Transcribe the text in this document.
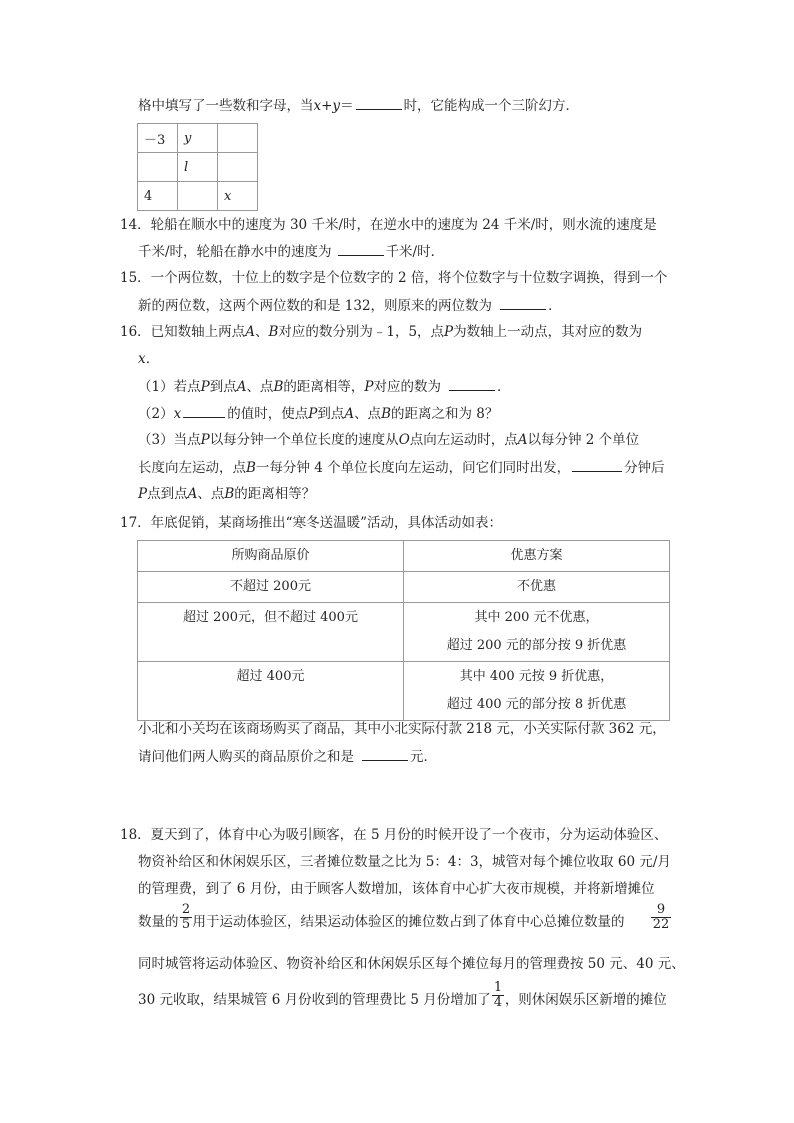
格中填写了一些数和字母，当x+y＝	时，它能构成一个三阶幻方．
－3	y	
	l	
4		x
14．轮船在顺水中的速度为 30 千米/时，在逆水中的速度为 24 千米/时，则水流的速度是
千米/时，轮船在静水中的速度为	千米/时．
15．一个两位数，十位上的数字是个位数字的 2 倍，将个位数字与十位数字调换，得到一个
新的两位数，这两个两位数的和是 132，则原来的两位数为	．
16．已知数轴上两点A、B对应的数分别为﹣1，5，点P为数轴上一动点，其对应的数为
x．
（1）若点P到点A、点B的距离相等，P对应的数为	．
（2）x	的值时，使点P到点A、点B的距离之和为 8？
（3）当点P以每分钟一个单位长度的速度从O点向左运动时，点A以每分钟 2 个单位
长度向左运动，点B一每分钟 4 个单位长度向左运动，问它们同时出发，	分钟后
P点到点A、点B的距离相等？
17．年底促销，某商场推出“寒冬送温暖”活动，具体活动如表：
所购商品原价	优惠方案

不超过 200元	不优惠

超过 200元，但不超过 400元	其中 200 元不优惠，
超过 200 元的部分按 9 折优惠

超过 400元	其中 400 元按 9 折优惠，
超过 400 元的部分按 8 折优惠
小北和小关均在该商场购买了商品，其中小北实际付款 218 元，小关实际付款 362 元，
请问他们两人购买的商品原价之和是	元．
18．夏天到了，体育中心为吸引顾客，在 5 月份的时候开设了一个夜市，分为运动体验区、
物资补给区和休闲娱乐区，三者摊位数量之比为 5：4：3，城管对每个摊位收取 60 元/月
的管理费，到了 6 月份，由于顾客人数增加，该体育中心扩大夜市规模，并将新增摊位
数量的 用于运动体验区，结果运动体验区的摊位数占到了体育中心总摊位数量的
2
5
9
22
同时城管将运动体验区、物资补给区和休闲娱乐区每个摊位每月的管理费按 50 元、40 元、
30 元收取，结果城管 6 月份收到的管理费比 5 月份增加了 ，则休闲娱乐区新增的摊位
1
4
